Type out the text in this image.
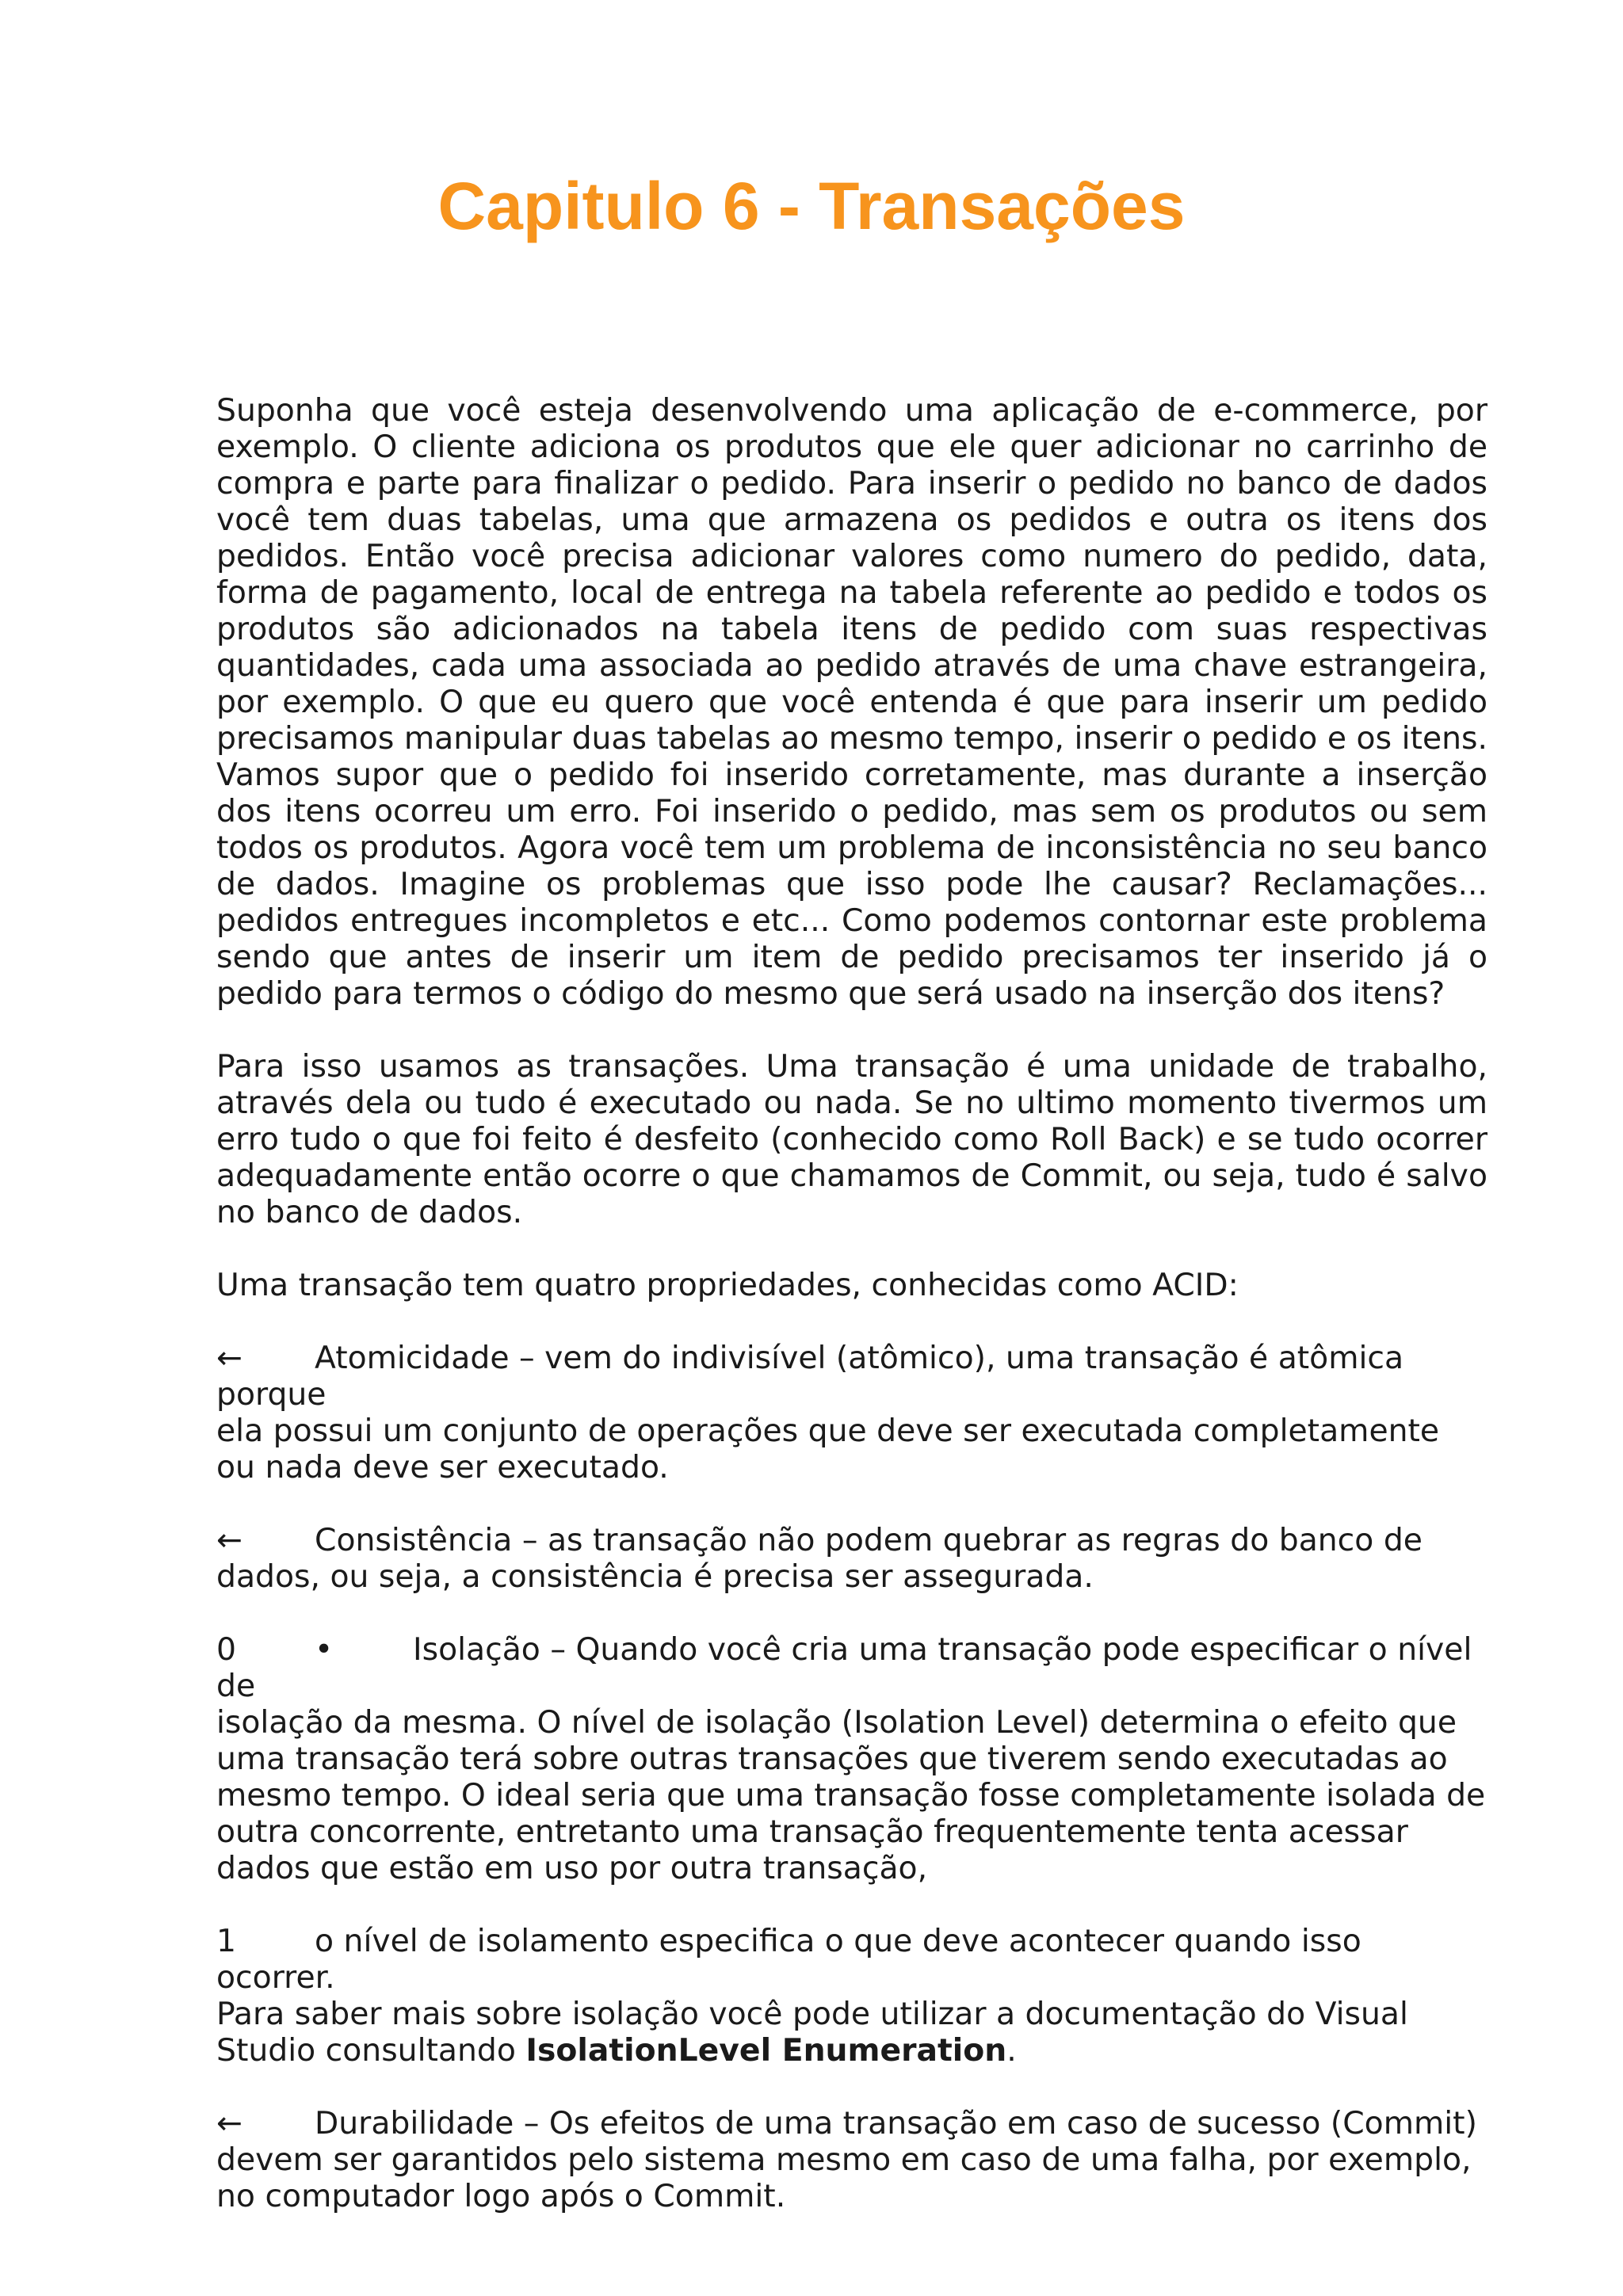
Capitulo 6 - Transações

Suponha que você esteja desenvolvendo uma aplicação de e-commerce, por exemplo. O cliente adiciona os produtos que ele quer adicionar no carrinho de compra e parte para finalizar o pedido. Para inserir o pedido no banco de dados você tem duas tabelas, uma que armazena os pedidos e outra os itens dos pedidos. Então você precisa adicionar valores como numero do pedido, data, forma de pagamento, local de entrega na tabela referente ao pedido e todos os produtos são adicionados na tabela itens de pedido com suas respectivas quantidades, cada uma associada ao pedido através de uma chave estrangeira, por exemplo. O que eu quero que você entenda é que para inserir um pedido precisamos manipular duas tabelas ao mesmo tempo, inserir o pedido e os itens. Vamos supor que o pedido foi inserido corretamente, mas durante a inserção dos itens ocorreu um erro. Foi inserido o pedido, mas sem os produtos ou sem todos os produtos. Agora você tem um problema de inconsistência no seu banco de dados. Imagine os problemas que isso pode lhe causar? Reclamações... pedidos entregues incompletos e etc... Como podemos contornar este problema sendo que antes de inserir um item de pedido precisamos ter inserido já o pedido para termos o código do mesmo que será usado na inserção dos itens?

Para isso usamos as transações. Uma transação é uma unidade de trabalho, através dela ou tudo é executado ou nada. Se no ultimo momento tivermos um erro tudo o que foi feito é desfeito (conhecido como Roll Back) e se tudo ocorrer adequadamente então ocorre o que chamamos de Commit, ou seja, tudo é salvo no banco de dados.

Uma transação tem quatro propriedades, conhecidas como ACID:

← Atomicidade – vem do indivisível (atômico), uma transação é atômica porque
ela possui um conjunto de operações que deve ser executada completamente ou nada deve ser executado.
← Consistência – as transação não podem quebrar as regras do banco de
dados, ou seja, a consistência é precisa ser assegurada.
0	•	Isolação – Quando você cria uma transação pode especificar o nível de
isolação da mesma. O nível de isolação (Isolation Level) determina o efeito que uma transação terá sobre outras transações que tiverem sendo executadas ao mesmo tempo. O ideal seria que uma transação fosse completamente isolada de outra concorrente, entretanto uma transação frequentemente tenta acessar dados que estão em uso por outra transação,
1	o nível de isolamento especifica o que deve acontecer quando isso ocorrer.
Para saber mais sobre isolação você pode utilizar a documentação do Visual Studio consultando IsolationLevel Enumeration.
← Durabilidade – Os efeitos de uma transação em caso de sucesso (Commit)
devem ser garantidos pelo sistema mesmo em caso de uma falha, por exemplo, no computador logo após o Commit.
